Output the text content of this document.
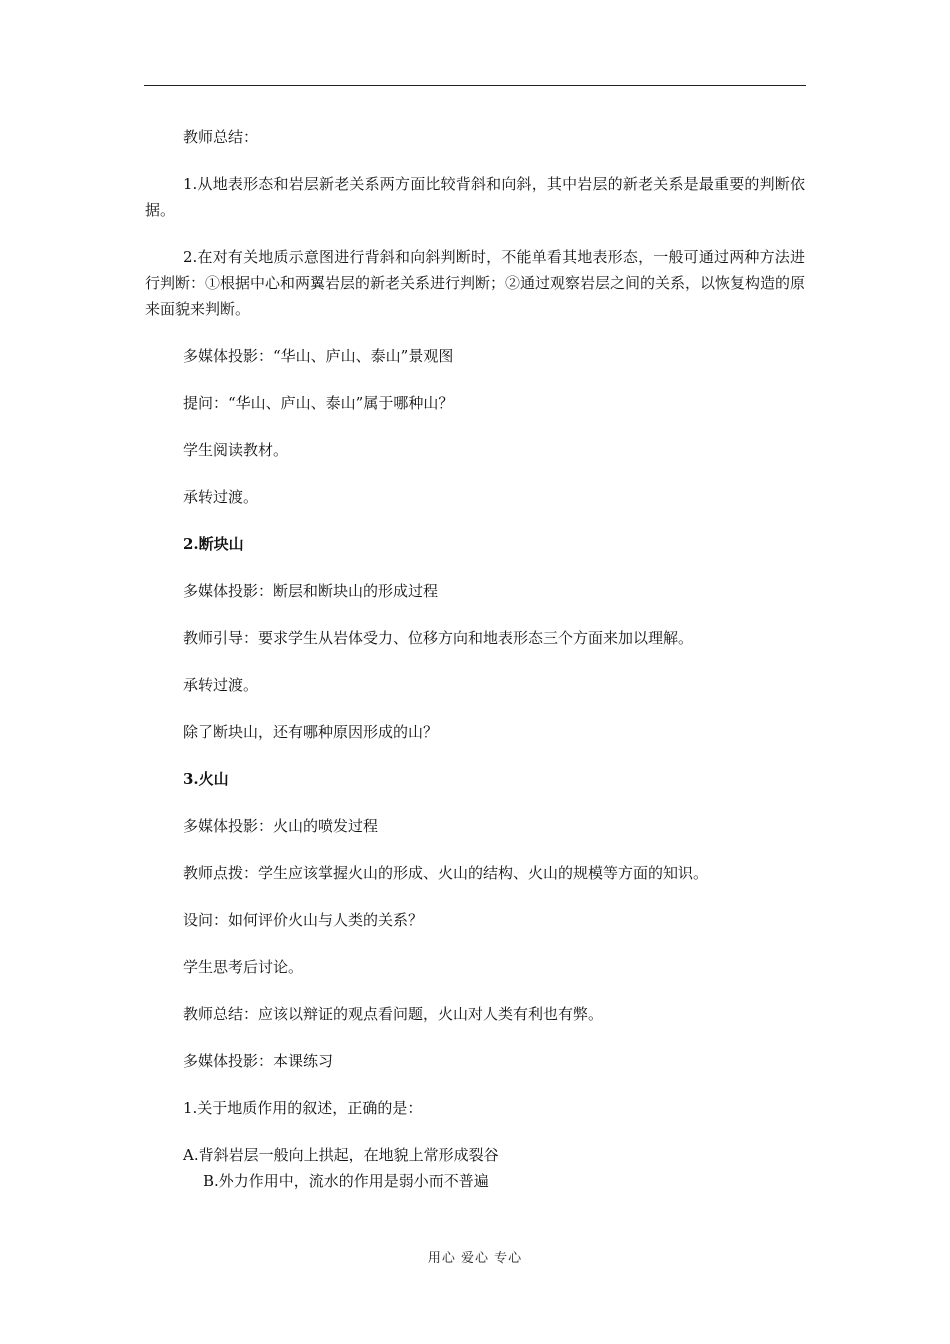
教师总结：

1.从地表形态和岩层新老关系两方面比较背斜和向斜，其中岩层的新老关系是最重要的判断依据。

2.在对有关地质示意图进行背斜和向斜判断时，不能单看其地表形态，一般可通过两种方法进行判断：①根据中心和两翼岩层的新老关系进行判断；②通过观察岩层之间的关系，以恢复构造的原来面貌来判断。

多媒体投影：“华山、庐山、泰山”景观图

提问：“华山、庐山、泰山”属于哪种山？

学生阅读教材。

承转过渡。

2.断块山

多媒体投影：断层和断块山的形成过程

教师引导：要求学生从岩体受力、位移方向和地表形态三个方面来加以理解。

承转过渡。

除了断块山，还有哪种原因形成的山？

3.火山

多媒体投影：火山的喷发过程

教师点拨：学生应该掌握火山的形成、火山的结构、火山的规模等方面的知识。

设问：如何评价火山与人类的关系？

学生思考后讨论。

教师总结：应该以辩证的观点看问题，火山对人类有利也有弊。

多媒体投影：本课练习

1.关于地质作用的叙述，正确的是：

A.背斜岩层一般向上拱起，在地貌上常形成裂谷

B.外力作用中，流水的作用是弱小而不普遍

用心 爱心 专心
